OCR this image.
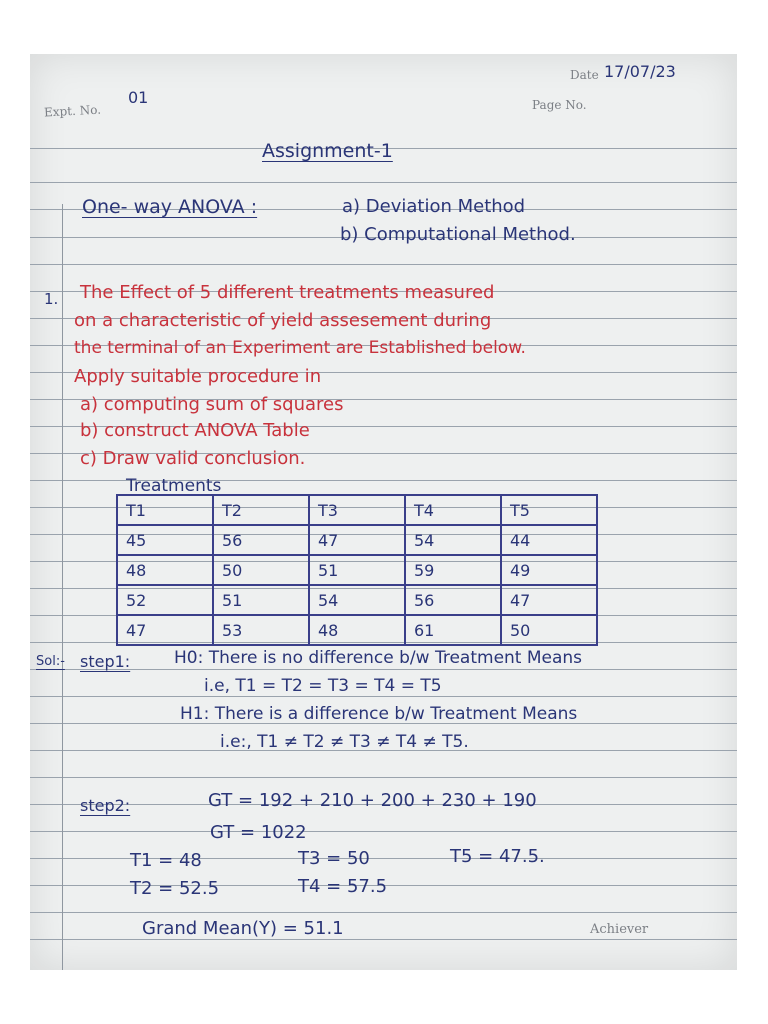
Date 17/07/23
Expt. No.
01	Page No.
Assignment-1
One- way ANOVA :	a) Deviation Method
b) Computational Method.
1. The Effect of 5 different treatments measured
on a characteristic of yield assesement during
the terminal of an Experiment are Established below.
Apply suitable procedure in
a) computing sum of squares
b) construct ANOVA Table
c) Draw valid conclusion.
Treatments
T1	T2	T3	T4	T5
45	56	47	54	44
48	50	51	59	49
52	51	54	56	47
47	53	48	61	50
Sol:- step1:	H0: There is no difference b/w Treatment Means
i.e, T1 = T2 = T3 = T4 = T5
H1: There is a difference b/w Treatment Means
i.e:, T1 ≠ T2 ≠ T3 ≠ T4 ≠ T5.
step2:	GT = 192 + 210 + 200 + 230 + 190
GT = 1022
T1 = 48	T3 = 50	T5 = 47.5.
T2 = 52.5	T4 = 57.5
Grand Mean(Y) = 51.1	Achiever
